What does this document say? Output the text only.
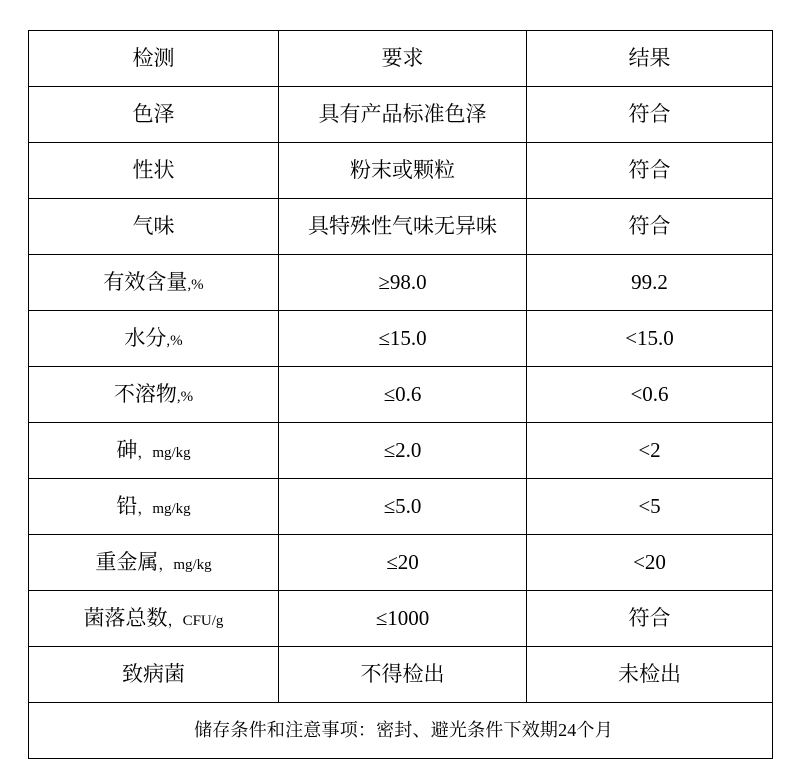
检测	要求	结果
色泽	具有产品标准色泽	符合
性状	粉末或颗粒	符合
气味	具特殊性气味无异味	符合
有效含量,%	≥98.0	99.2
水分,%	≤15.0	<15.0
不溶物,%	≤0.6	<0.6
砷，mg/kg	≤2.0	<2
铅，mg/kg	≤5.0	<5
重金属，mg/kg	≤20	<20
菌落总数，CFU/g	≤1000	符合
致病菌	不得检出	未检出

储存条件和注意事项：密封、避光条件下效期24个月		
